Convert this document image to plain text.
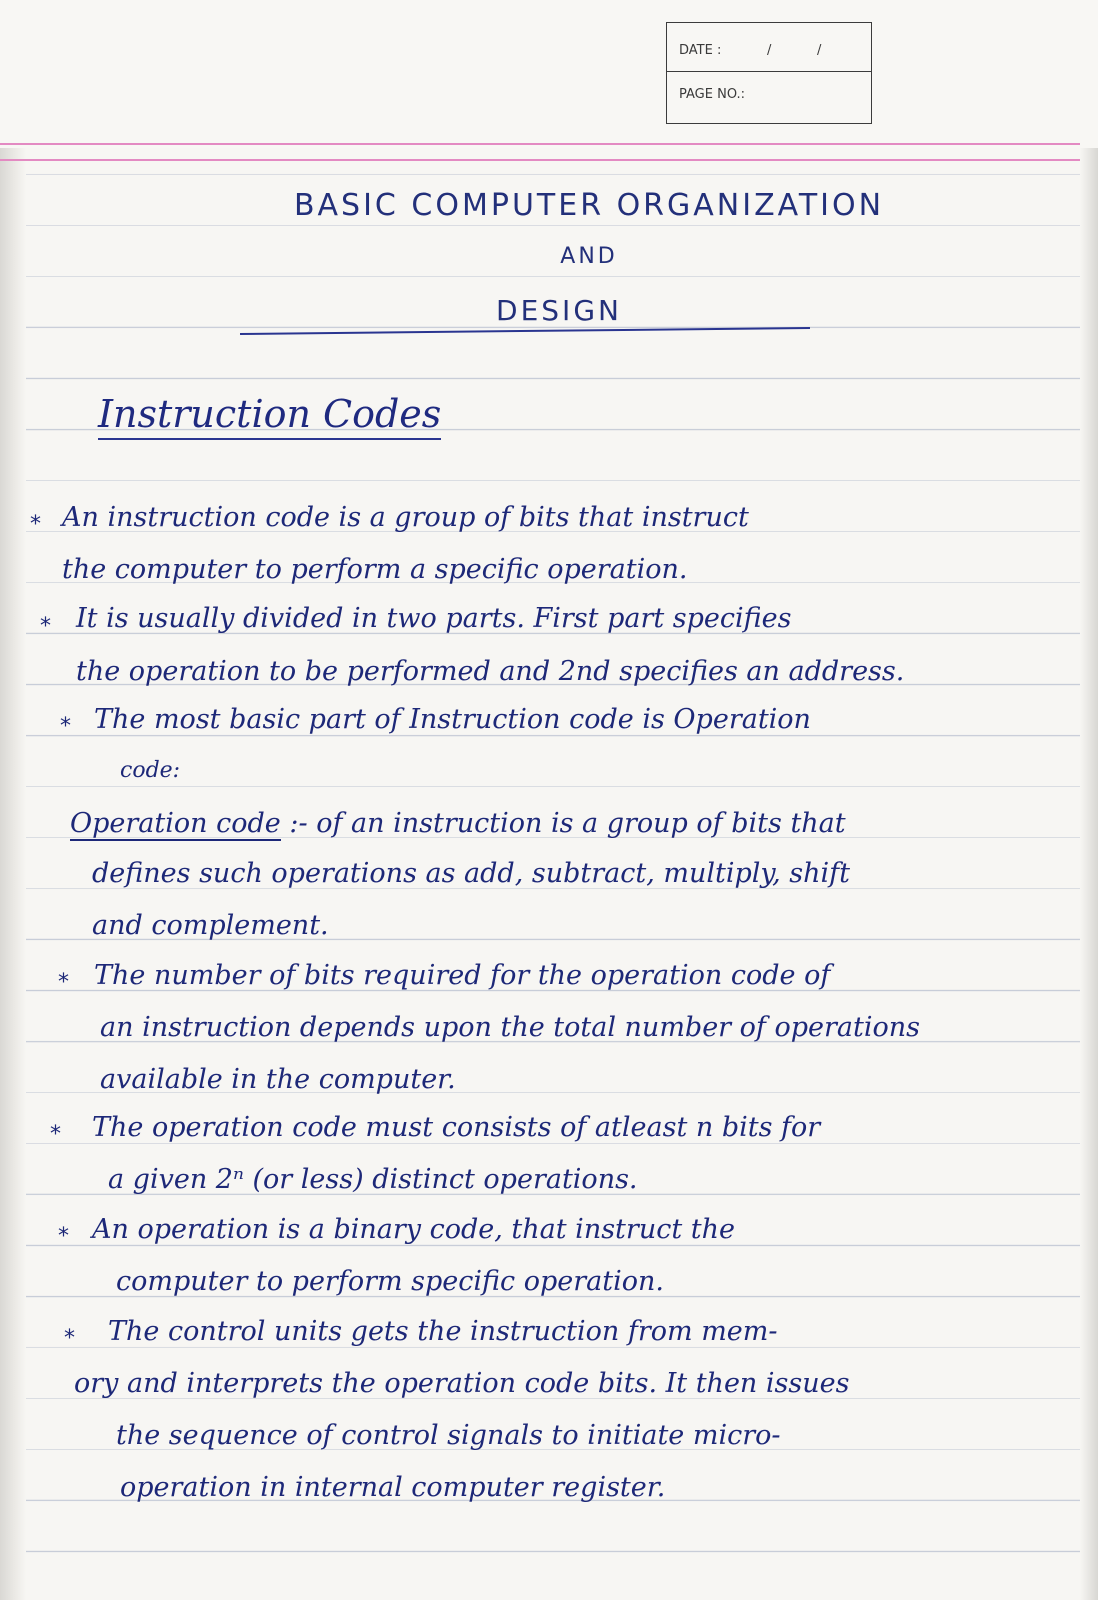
DATE :	/	/
PAGE NO.:
BASIC COMPUTER ORGANIZATION
AND
DESIGN
Instruction Codes
* An instruction code is a group of bits that instruct
the computer to perform a specific operation.
* It is usually divided in two parts. First part specifies
the operation to be performed and 2nd specifies an address.
* The most basic part of Instruction code is Operation
code:
Operation code :- of an instruction is a group of bits that
defines such operations as add, subtract, multiply, shift
and complement.
* The number of bits required for the operation code of
an instruction depends upon the total number of operations
available in the computer.
* The operation code must consists of atleast n bits for
a given 2ⁿ (or less) distinct operations.
* An operation is a binary code, that instruct the
computer to perform specific operation.
* The control units gets the instruction from mem-
ory and interprets the operation code bits. It then issues
the sequence of control signals to initiate micro-
operation in internal computer register.
